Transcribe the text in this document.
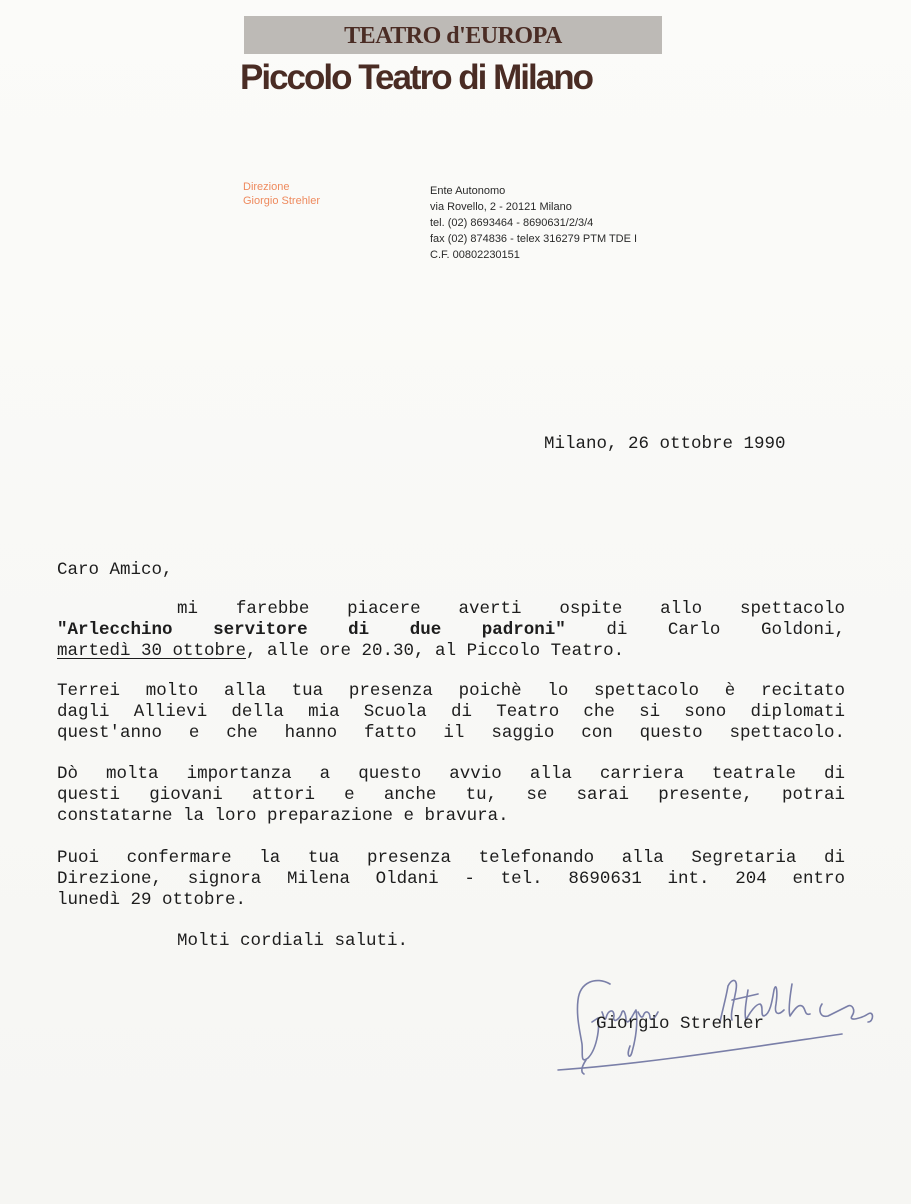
TEATRO d'EUROPA
Piccolo Teatro di Milano
Direzione
Giorgio Strehler
Ente Autonomo
via Rovello, 2 - 20121 Milano
tel. (02) 8693464 - 8690631/2/3/4
fax (02) 874836 - telex 316279 PTM TDE I
C.F. 00802230151
Milano, 26 ottobre 1990
Caro Amico,
mi farebbe piacere averti ospite allo spettacolo
"Arlecchino servitore di due padroni" di Carlo Goldoni,
martedì 30 ottobre, alle ore 20.30, al Piccolo Teatro.
Terrei molto alla tua presenza poichè lo spettacolo è recitato
dagli Allievi della mia Scuola di Teatro che si sono diplomati
quest'anno e che hanno fatto il saggio con questo spettacolo.
Dò molta importanza a questo avvio alla carriera teatrale di
questi giovani attori e anche tu, se sarai presente, potrai
constatarne la loro preparazione e bravura.
Puoi confermare la tua presenza telefonando alla Segretaria di
Direzione, signora Milena Oldani - tel. 8690631 int. 204 entro
lunedì 29 ottobre.
Molti cordiali saluti.
Giorgio Strehler
